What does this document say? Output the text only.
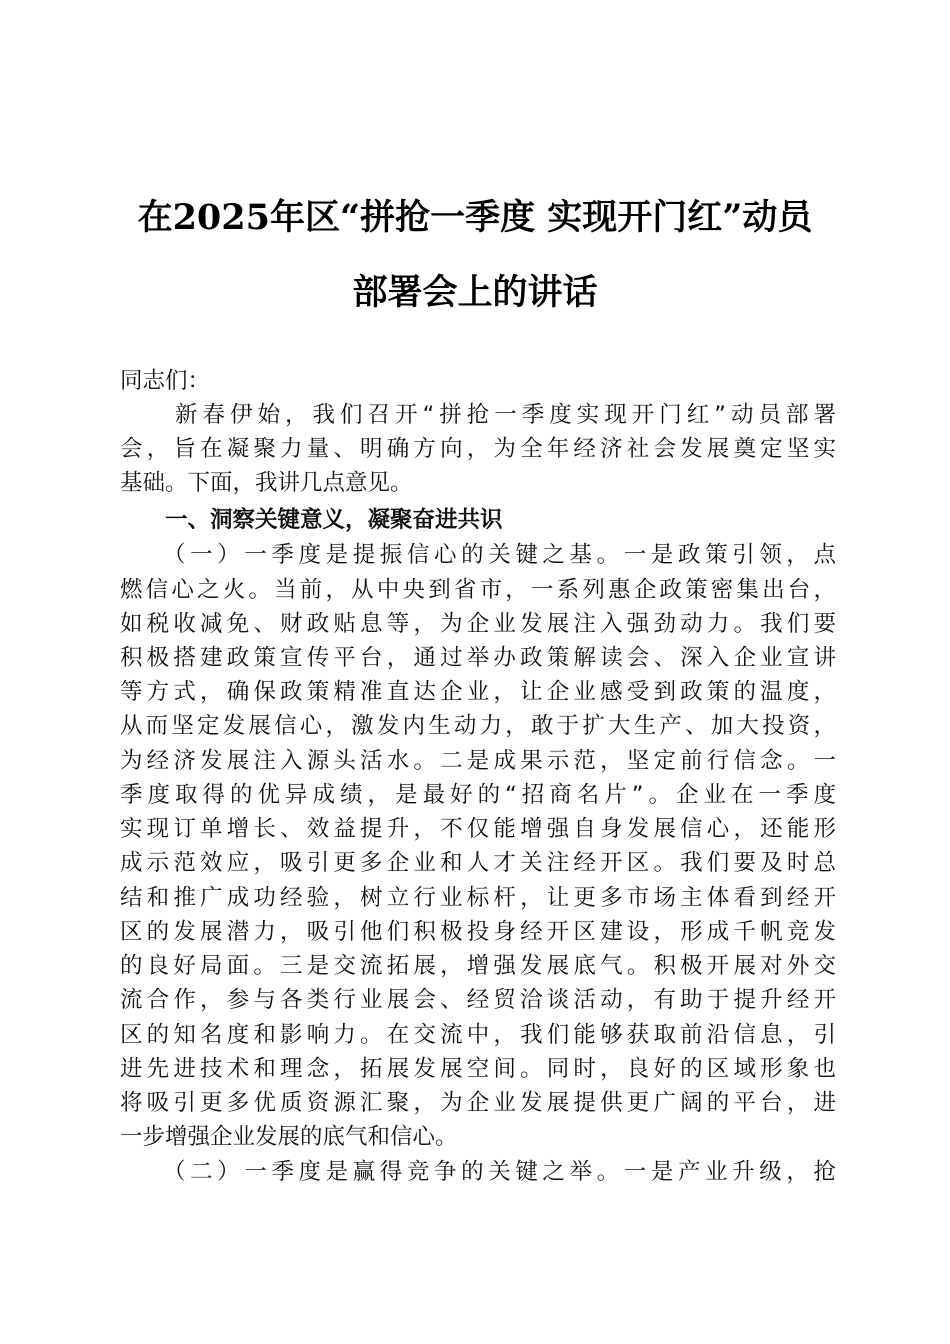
在2025年区“拼抢一季度 实现开门红”动员
部署会上的讲话
同志们：
　　新春伊始，我们召开“拼抢一季度实现开门红”动员部署
会，旨在凝聚力量、明确方向，为全年经济社会发展奠定坚实
基础。下面，我讲几点意见。
　　一、洞察关键意义，凝聚奋进共识
　　（一）一季度是提振信心的关键之基。一是政策引领，点
燃信心之火。当前，从中央到省市，一系列惠企政策密集出台，
如税收减免、财政贴息等，为企业发展注入强劲动力。我们要
积极搭建政策宣传平台，通过举办政策解读会、深入企业宣讲
等方式，确保政策精准直达企业，让企业感受到政策的温度，
从而坚定发展信心，激发内生动力，敢于扩大生产、加大投资，
为经济发展注入源头活水。二是成果示范，坚定前行信念。一
季度取得的优异成绩，是最好的“招商名片”。企业在一季度
实现订单增长、效益提升，不仅能增强自身发展信心，还能形
成示范效应，吸引更多企业和人才关注经开区。我们要及时总
结和推广成功经验，树立行业标杆，让更多市场主体看到经开
区的发展潜力，吸引他们积极投身经开区建设，形成千帆竞发
的良好局面。三是交流拓展，增强发展底气。积极开展对外交
流合作，参与各类行业展会、经贸洽谈活动，有助于提升经开
区的知名度和影响力。在交流中，我们能够获取前沿信息，引
进先进技术和理念，拓展发展空间。同时，良好的区域形象也
将吸引更多优质资源汇聚，为企业发展提供更广阔的平台，进
一步增强企业发展的底气和信心。
　　（二）一季度是赢得竞争的关键之举。一是产业升级，抢
